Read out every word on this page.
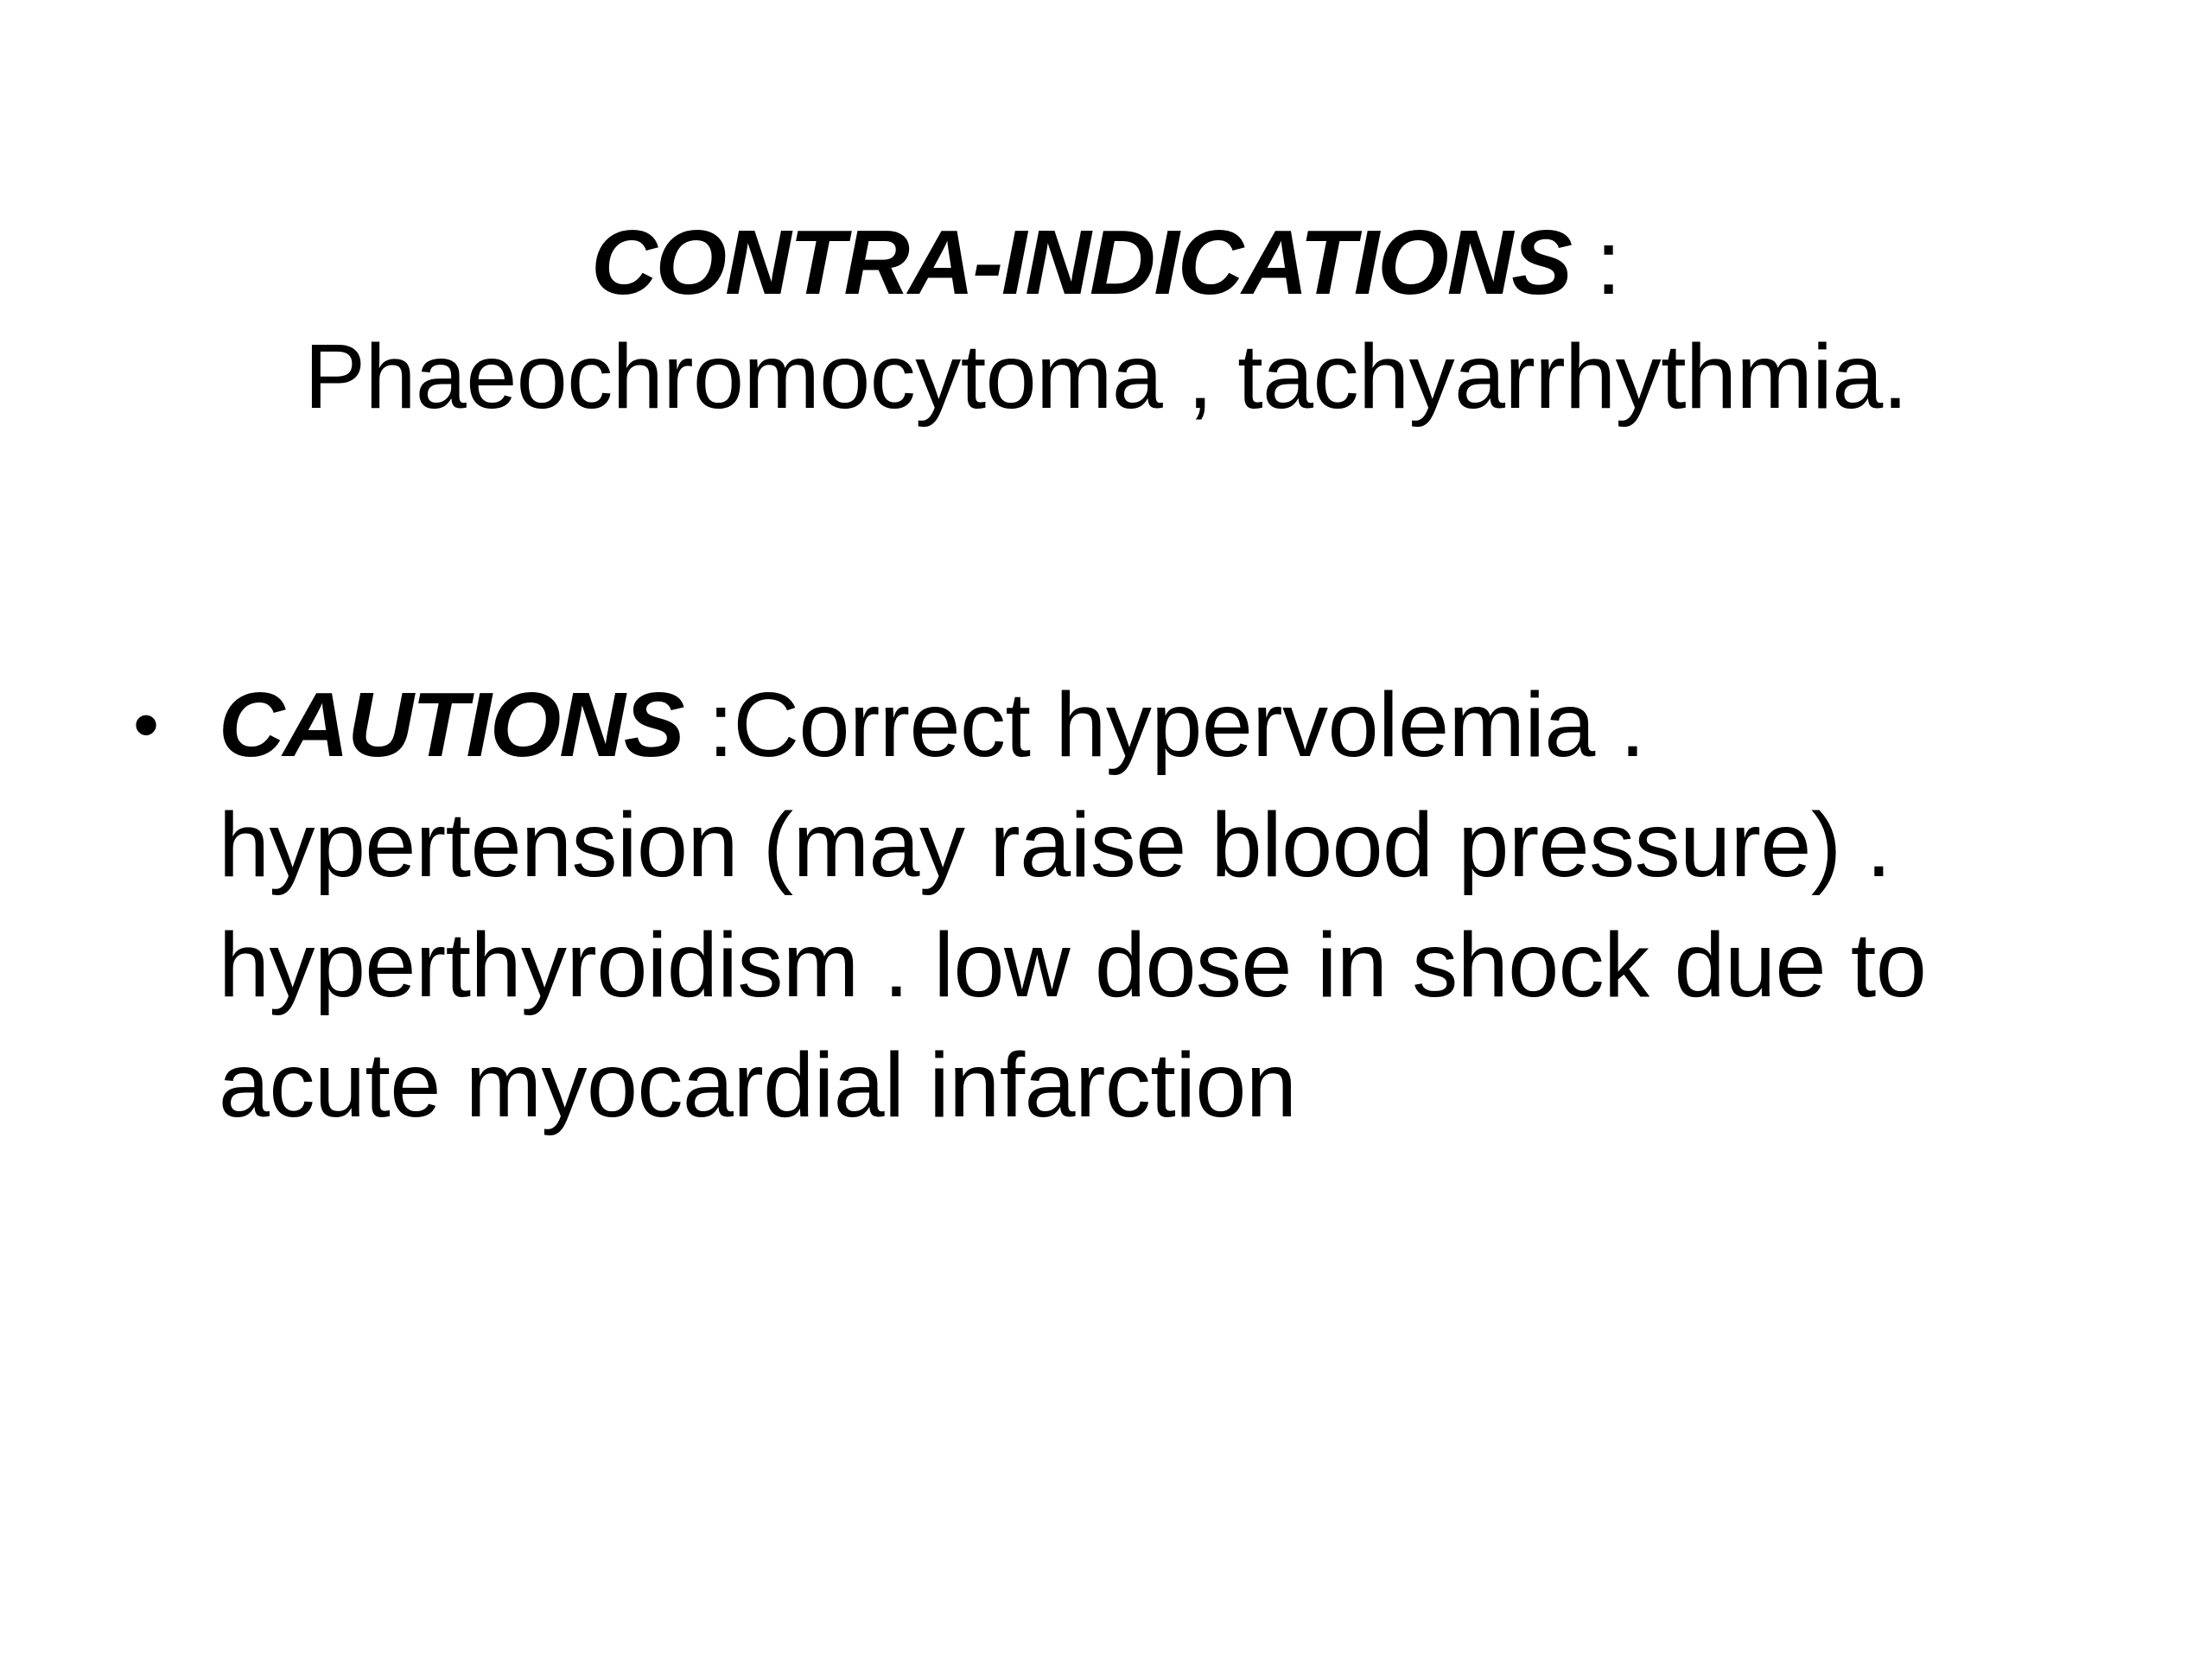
CONTRA-INDICATIONS :
Phaeochromocytoma , tachyarrhythmia.
• CAUTIONS :Correct hypervolemia .
hypertension (may raise blood pressure) .
hyperthyroidism . low dose in shock due to
acute myocardial infarction
